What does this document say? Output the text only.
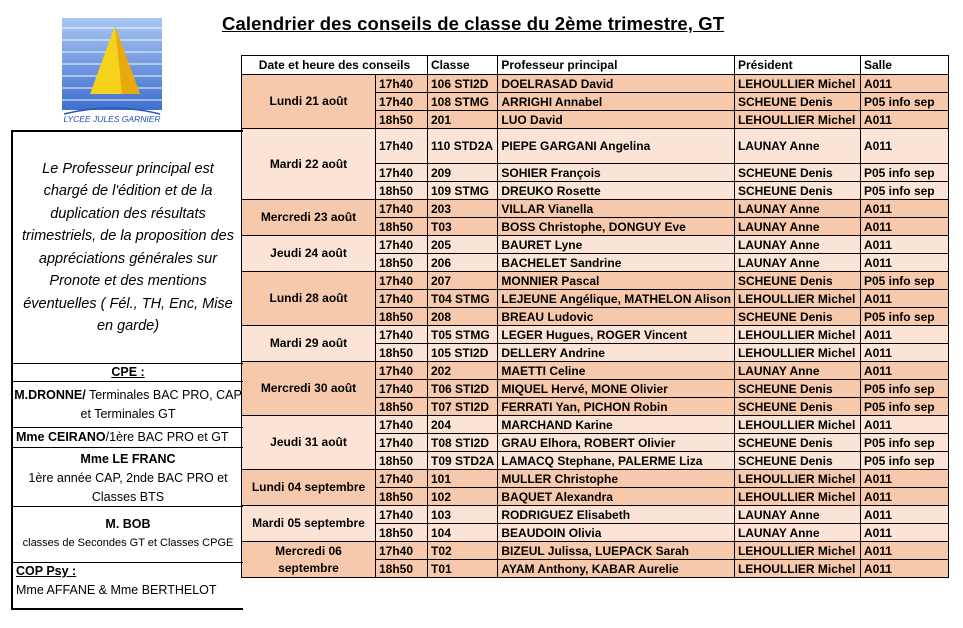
Calendrier des conseils de classe du 2ème trimestre, GT
LYCEE JULES GARNIER
Date et heure des conseils		Classe	Professeur principal	Président	Salle
Lundi 21 août	17h40	106 STI2D	DOELRASAD David	LEHOULLIER Michel	A011
	17h40	108 STMG	ARRIGHI Annabel	SCHEUNE Denis	P05 info sep
	18h50	201	LUO David	LEHOULLIER Michel	A011
Mardi 22 août	17h40	110 STD2A	PIEPE GARGANI Angelina	LAUNAY Anne	A011
	17h40	209	SOHIER François	SCHEUNE Denis	P05 info sep
	18h50	109 STMG	DREUKO Rosette	SCHEUNE Denis	P05 info sep
Mercredi 23 août	17h40	203	VILLAR Vianella	LAUNAY Anne	A011
	18h50	T03	BOSS Christophe, DONGUY Eve	LAUNAY Anne	A011
Jeudi 24 août	17h40	205	BAURET Lyne	LAUNAY Anne	A011
	18h50	206	BACHELET Sandrine	LAUNAY Anne	A011
Lundi 28 août	17h40	207	MONNIER Pascal	SCHEUNE Denis	P05 info sep
	17h40	T04 STMG	LEJEUNE Angélique, MATHELON Alison	LEHOULLIER Michel	A011
	18h50	208	BREAU Ludovic	SCHEUNE Denis	P05 info sep
Mardi 29 août	17h40	T05 STMG	LEGER Hugues, ROGER Vincent	LEHOULLIER Michel	A011
	18h50	105 STI2D	DELLERY Andrine	LEHOULLIER Michel	A011
Mercredi 30 août	17h40	202	MAETTI Celine	LAUNAY Anne	A011
	17h40	T06 STI2D	MIQUEL Hervé, MONE Olivier	SCHEUNE Denis	P05 info sep
	18h50	T07 STI2D	FERRATI Yan, PICHON Robin	SCHEUNE Denis	P05 info sep
Jeudi 31 août	17h40	204	MARCHAND Karine	LEHOULLIER Michel	A011
	17h40	T08 STI2D	GRAU Elhora, ROBERT Olivier	SCHEUNE Denis	P05 info sep
	18h50	T09 STD2A	LAMACQ Stephane, PALERME Liza	SCHEUNE Denis	P05 info sep
Lundi 04 septembre	17h40	101	MULLER Christophe	LEHOULLIER Michel	A011
	18h50	102	BAQUET Alexandra	LEHOULLIER Michel	A011
Mardi 05 septembre	17h40	103	RODRIGUEZ Elisabeth	LAUNAY Anne	A011
	18h50	104	BEAUDOIN Olivia	LAUNAY Anne	A011
Mercredi 06 septembre	17h40	T02	BIZEUL Julissa, LUEPACK Sarah	LEHOULLIER Michel	A011
	18h50	T01	AYAM Anthony, KABAR Aurelie	LEHOULLIER Michel	A011
Le Professeur principal est chargé de l'édition et de la duplication des résultats trimestriels, de la proposition des appréciations générales sur Pronote et des mentions éventuelles ( Fél., TH, Enc, Mise en garde)
CPE :
M.DRONNE/ Terminales BAC PRO, CAP et Terminales GT
Mme CEIRANO/1ère BAC PRO et GT
Mme LE FRANC
1ère année CAP, 2nde BAC PRO et Classes BTS
M. BOB
classes de Secondes GT et Classes CPGE
COP Psy :
Mme AFFANE & Mme BERTHELOT
